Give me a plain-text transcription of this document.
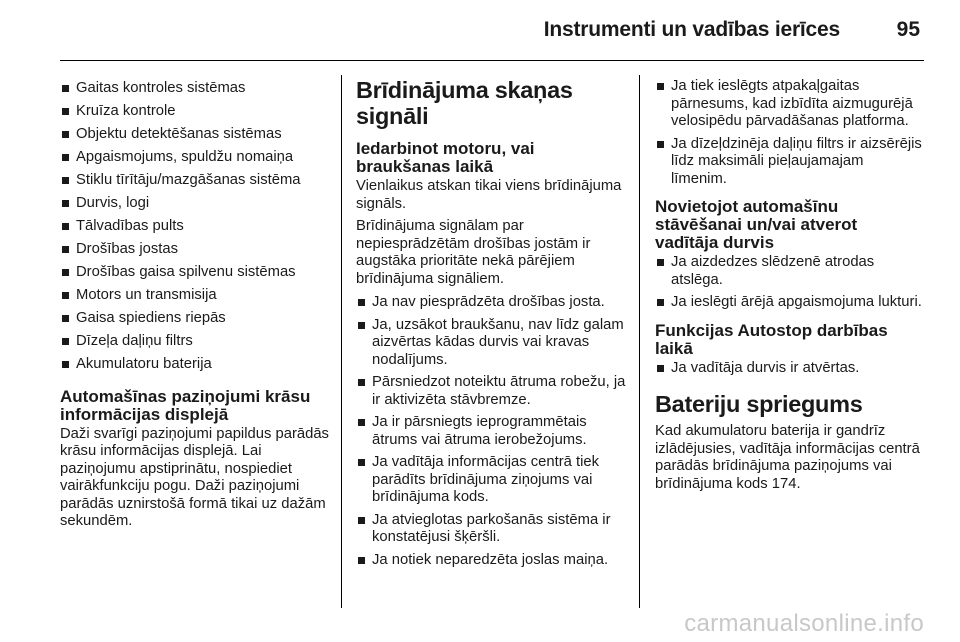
Instrumenti un vadības ierīces	95
Gaitas kontroles sistēmas
Kruīza kontrole
Objektu detektēšanas sistēmas
Apgaismojums, spuldžu nomaiņa
Stiklu tīrītāju/mazgāšanas sistēma
Durvis, logi
Tālvadības pults
Drošības jostas
Drošības gaisa spilvenu sistēmas
Motors un transmisija
Gaisa spiediens riepās
Dīzeļa daļiņu filtrs
Akumulatoru baterija
Automašīnas paziņojumi krāsu informācijas displejā

Daži svarīgi paziņojumi papildus parādās krāsu informācijas displejā. Lai paziņojumu apstiprinātu, nospiediet vairākfunkciju pogu. Daži paziņojumi parādās uznirstošā formā tikai uz dažām sekundēm.

Brīdinājuma skaņas signāli
Iedarbinot motoru, vai braukšanas laikā

Vienlaikus atskan tikai viens brīdinājuma signāls.

Brīdinājuma signālam par nepiesprādzētām drošības jostām ir augstāka prioritāte nekā pārējiem brīdinājuma signāliem.

Ja nav piesprādzēta drošības josta.
Ja, uzsākot braukšanu, nav līdz galam aizvērtas kādas durvis vai kravas nodalījums.
Pārsniedzot noteiktu ātruma robežu, ja ir aktivizēta stāvbremze.
Ja ir pārsniegts ieprogrammētais ātrums vai ātruma ierobežojums.
Ja vadītāja informācijas centrā tiek parādīts brīdinājuma ziņojums vai brīdinājuma kods.
Ja atvieglotas parkošanās sistēma ir konstatējusi šķēršli.
Ja notiek neparedzēta joslas maiņa.
Ja tiek ieslēgts atpakaļgaitas pārnesums, kad izbīdīta aizmugurējā velosipēdu pārvadāšanas platforma.
Ja dīzeļdzinēja daļiņu filtrs ir aizsērējis līdz maksimāli pieļaujamajam līmenim.
Novietojot automašīnu stāvēšanai un/vai atverot vadītāja durvis
Ja aizdedzes slēdzenē atrodas atslēga.
Ja ieslēgti ārējā apgaismojuma lukturi.
Funkcijas Autostop darbības laikā
Ja vadītāja durvis ir atvērtas.
Bateriju spriegums

Kad akumulatoru baterija ir gandrīz izlādējusies, vadītāja informācijas centrā parādās brīdinājuma paziņojums vai brīdinājuma kods 174.

carmanualsonline.info
